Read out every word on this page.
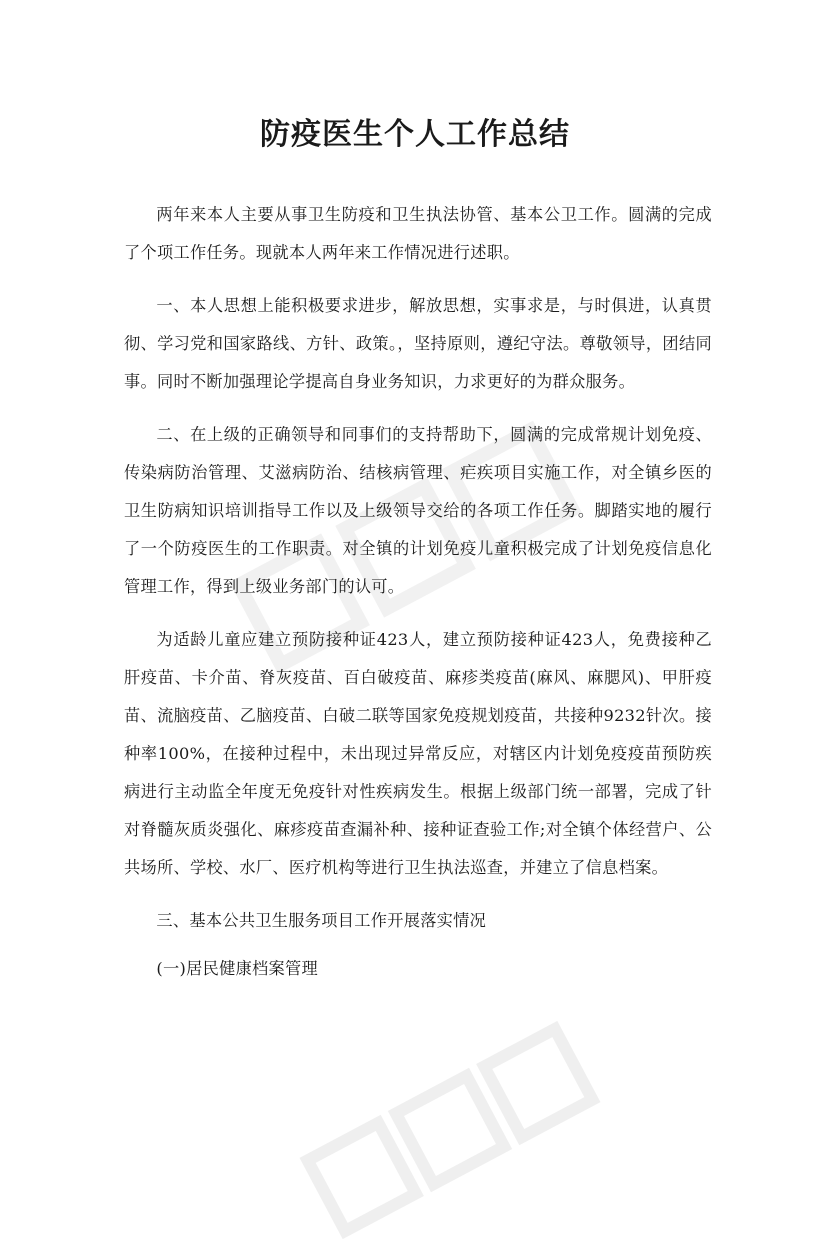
防疫医生个人工作总结

两年来本人主要从事卫生防疫和卫生执法协管、基本公卫工作。圆满的完成了个项工作任务。现就本人两年来工作情况进行述职。

一、本人思想上能积极要求进步，解放思想，实事求是，与时俱进，认真贯彻、学习党和国家路线、方针、政策。，坚持原则，遵纪守法。尊敬领导，团结同事。同时不断加强理论学提高自身业务知识，力求更好的为群众服务。

二、在上级的正确领导和同事们的支持帮助下，圆满的完成常规计划免疫、传染病防治管理、艾滋病防治、结核病管理、疟疾项目实施工作，对全镇乡医的卫生防病知识培训指导工作以及上级领导交给的各项工作任务。脚踏实地的履行了一个防疫医生的工作职责。对全镇的计划免疫儿童积极完成了计划免疫信息化管理工作，得到上级业务部门的认可。

为适龄儿童应建立预防接种证423人，建立预防接种证423人，免费接种乙肝疫苗、卡介苗、脊灰疫苗、百白破疫苗、麻疹类疫苗(麻风、麻腮风)、甲肝疫苗、流脑疫苗、乙脑疫苗、白破二联等国家免疫规划疫苗，共接种9232针次。接种率100%，在接种过程中，未出现过异常反应，对辖区内计划免疫疫苗预防疾病进行主动监全年度无免疫针对性疾病发生。根据上级部门统一部署，完成了针对脊髓灰质炎强化、麻疹疫苗查漏补种、接种证查验工作;对全镇个体经营户、公共场所、学校、水厂、医疗机构等进行卫生执法巡查，并建立了信息档案。

三、基本公共卫生服务项目工作开展落实情况

(一)居民健康档案管理
